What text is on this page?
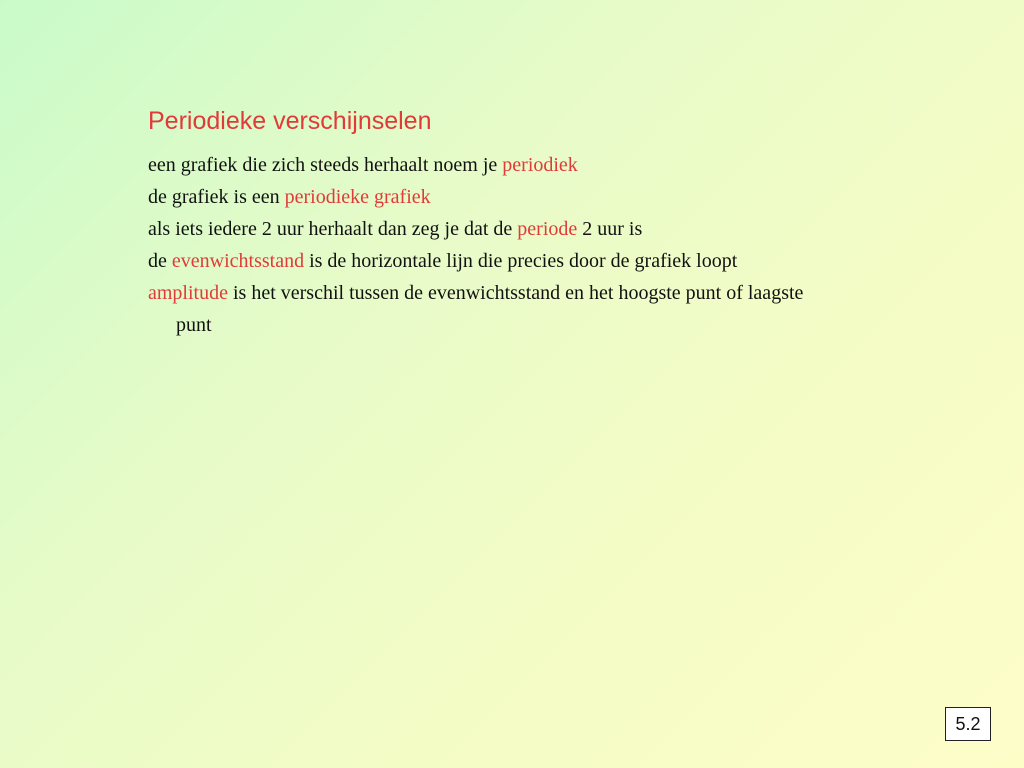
Periodieke verschijnselen

een grafiek die zich steeds herhaalt noem je periodiek

de grafiek is een periodieke grafiek

als iets iedere 2 uur herhaalt dan zeg je dat de periode 2 uur is

de evenwichtsstand is de horizontale lijn die precies door de grafiek loopt

amplitude is het verschil tussen de evenwichtsstand en het hoogste punt of laagste punt

5.2
